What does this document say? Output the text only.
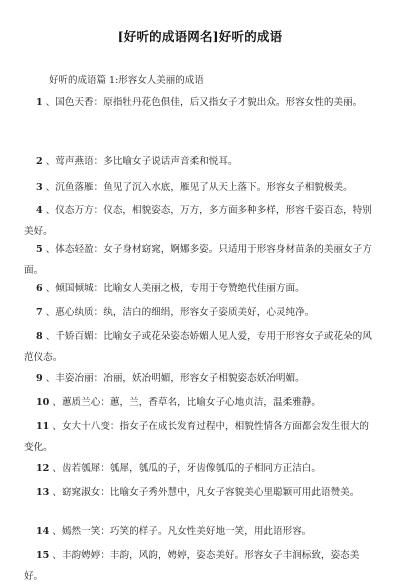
[好听的成语网名]好听的成语
好听的成语篇 1:形容女人美丽的成语
1 、国色天香：原指牡丹花色俱佳，后又指女子才貌出众。形容女性的美丽。
2 、莺声燕语：多比喻女子说话声音柔和悦耳。
3 、沉鱼落雁：鱼见了沉入水底，雁见了从天上落下。形容女子相貌极美。
4 、仪态万方：仪态，相貌姿态，万方，多方面多种多样，形容千姿百态，特别美好。
5 、体态轻盈：女子身材窈窕，婀娜多姿。只适用于形容身材苗条的美丽女子方面。
6 、倾国倾城：比喻女人美丽之极，专用于夸赞绝代佳丽方面。
7 、惠心纨质：纨，洁白的细绢，形容女子姿质美好，心灵纯净。
8 、千娇百媚：比喻女子或花朵姿态娇媚人见人爱，专用于形容女子或花朵的风范仪态。
9 、丰姿冶丽：冶丽，妖冶明媚，形容女子相貌姿态妖冶明媚。
10 、蕙质兰心：蕙，兰，香草名，比喻女子心地贞洁，温柔雅静。
11 、女大十八变：指女子在成长发育过程中，相貌性情各方面都会发生很大的变化。
12 、齿若瓠犀：瓠犀，瓠瓜的子，牙齿像瓠瓜的子相同方正洁白。
13 、窈窕淑女：比喻女子秀外慧中，凡女子容貌美心里聪颖可用此语赞美。
14 、嫣然一笑：巧笑的样子。凡女性美好地一笑，用此语形容。
15 、丰韵娉婷：丰韵，风韵，娉婷，姿态美好。形容女子丰润标致，姿态美好。
